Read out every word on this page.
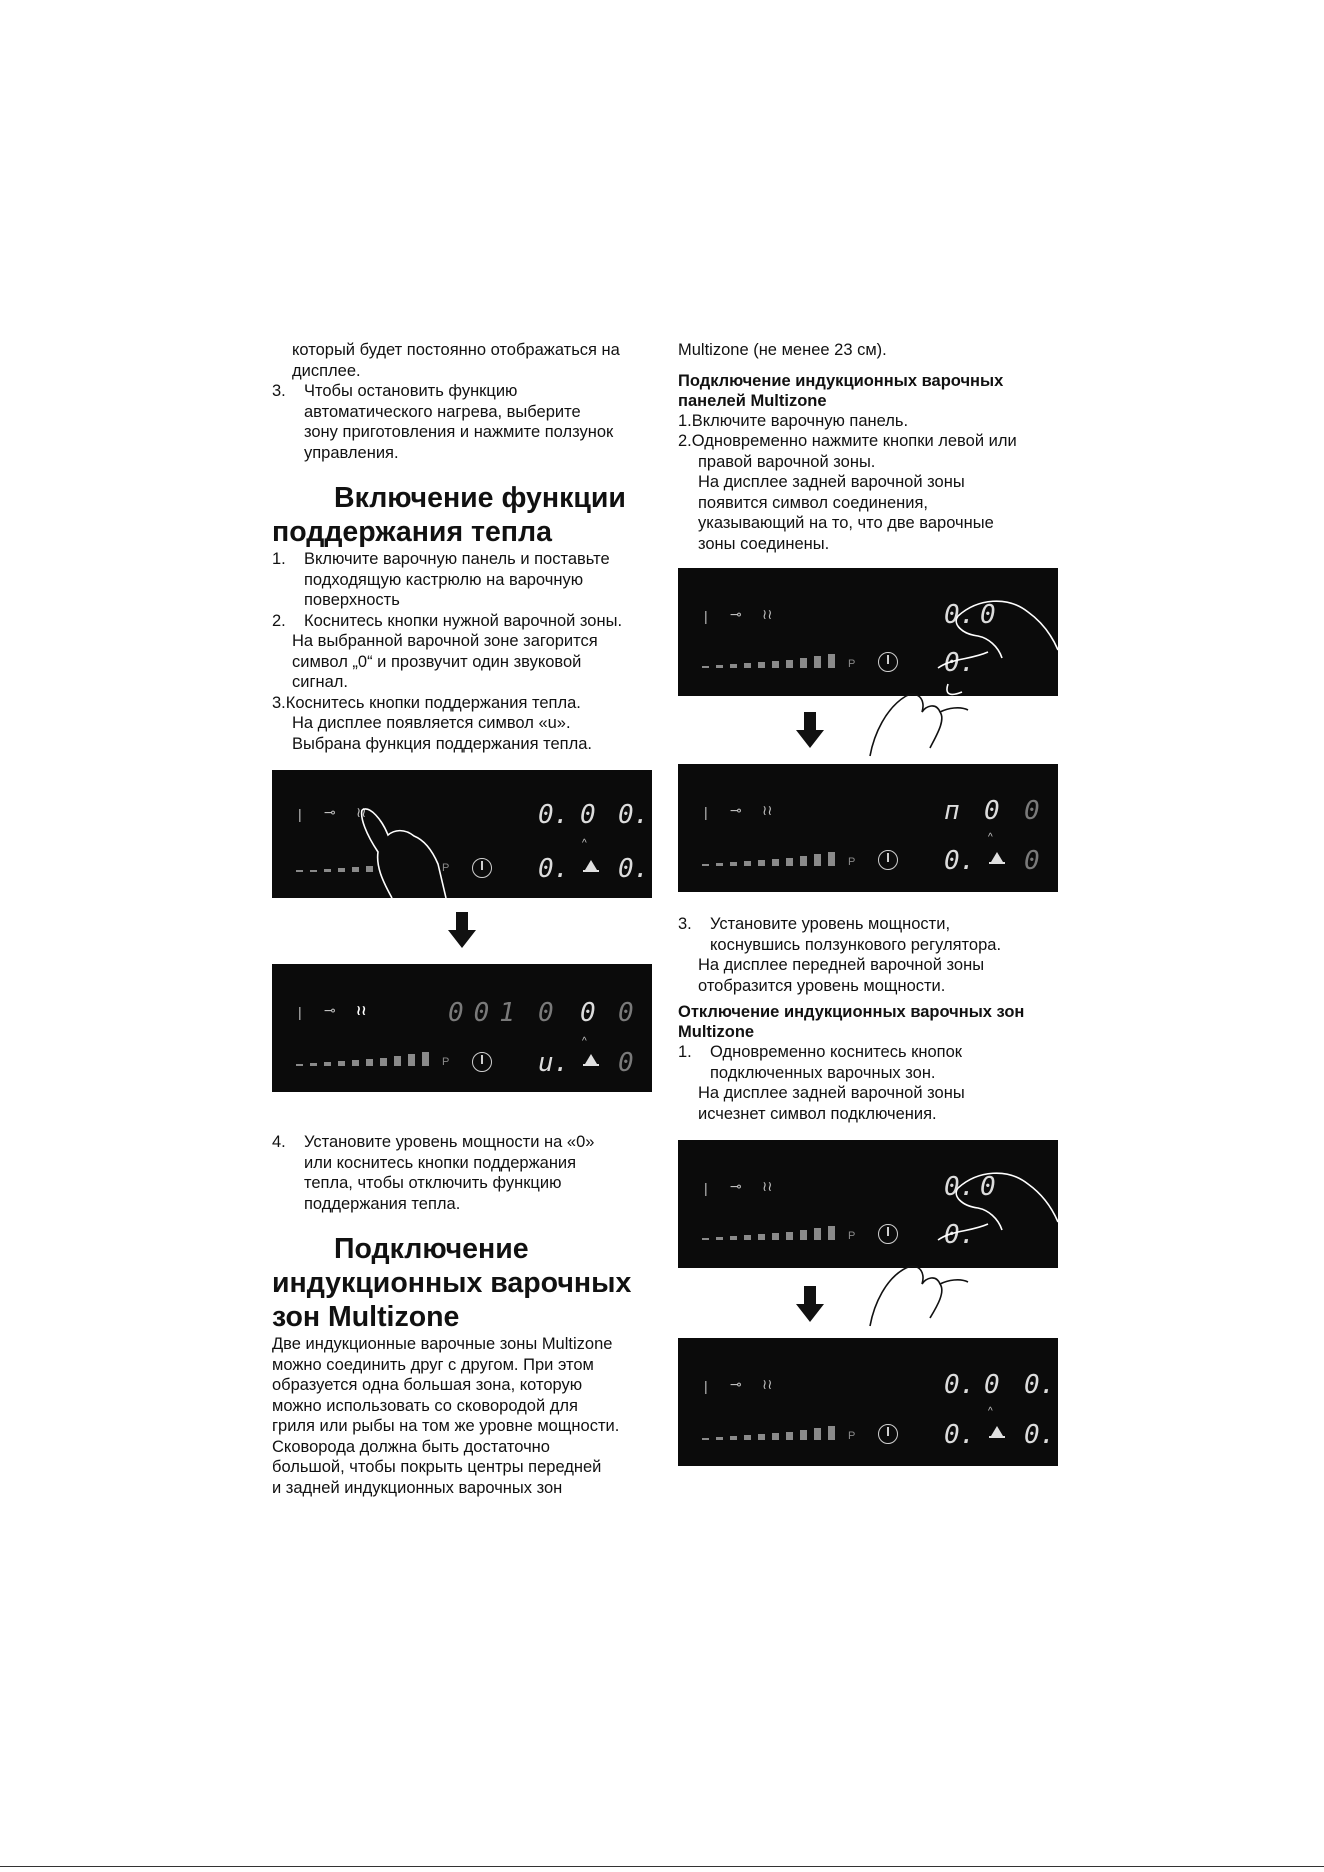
который будет постоянно отображаться на

дисплее.

3. Чтобы остановить функцию

автоматического нагрева, выберите

зону приготовления и нажмите ползунок

управления.

Включение функции

поддержания тепла

1. Включите варочную панель и поставьте

подходящую кастрюлю на варочную

поверхность

2. Коснитесь кнопки нужной варочной зоны.

На выбранной варочной зоне загорится

символ „0“ и прозвучит один звуковой

сигнал.

3.Коснитесь кнопки поддержания тепла.

На дисплее появляется символ «u».

Выбрана функция поддержания тепла.

4. Установите уровень мощности на «0»

или коснитесь кнопки поддержания

тепла, чтобы отключить функцию

поддержания тепла.

Подключение

индукционных варочных

зон Multizone

Две индукционные варочные зоны Multizone

можно соединить друг с другом. При этом

образуется одна большая зона, которую

можно использовать со сковородой для

гриля или рыбы на том же уровне мощности.

Сковорода должна быть достаточно

большой, чтобы покрыть центры передней

и задней индукционных варочных зон

Multizone (не менее 23 см).

Подключение индукционных варочных

панелей Multizone

1.Включите варочную панель.

2.Одновременно нажмите кнопки левой или

правой варочной зоны.

На дисплее задней варочной зоны

появится символ соединения,

указывающий на то, что две варочные

зоны соединены.

3. Установите уровень мощности,

коснувшись ползункового регулятора.

На дисплее передней варочной зоны

отобразится уровень мощности.

Отключение индукционных варочных зон

Multizone

1. Одновременно коснитесь кнопок

подключенных варочных зон.

На дисплее задней варочной зоны

исчезнет символ подключения.

| ⊸ ≀≀	0. 0 0.
^
P	0. 0.
| ⊸ ≀≀	001 0 0 0
^
P	u. 0
| ⊸ ≀≀	0. 0
P	0.
| ⊸ ≀≀	п 0 0
^
P	0. 0
| ⊸ ≀≀	0. 0
P	0.
| ⊸ ≀≀	0. 0 0.
^
P	0. 0.
